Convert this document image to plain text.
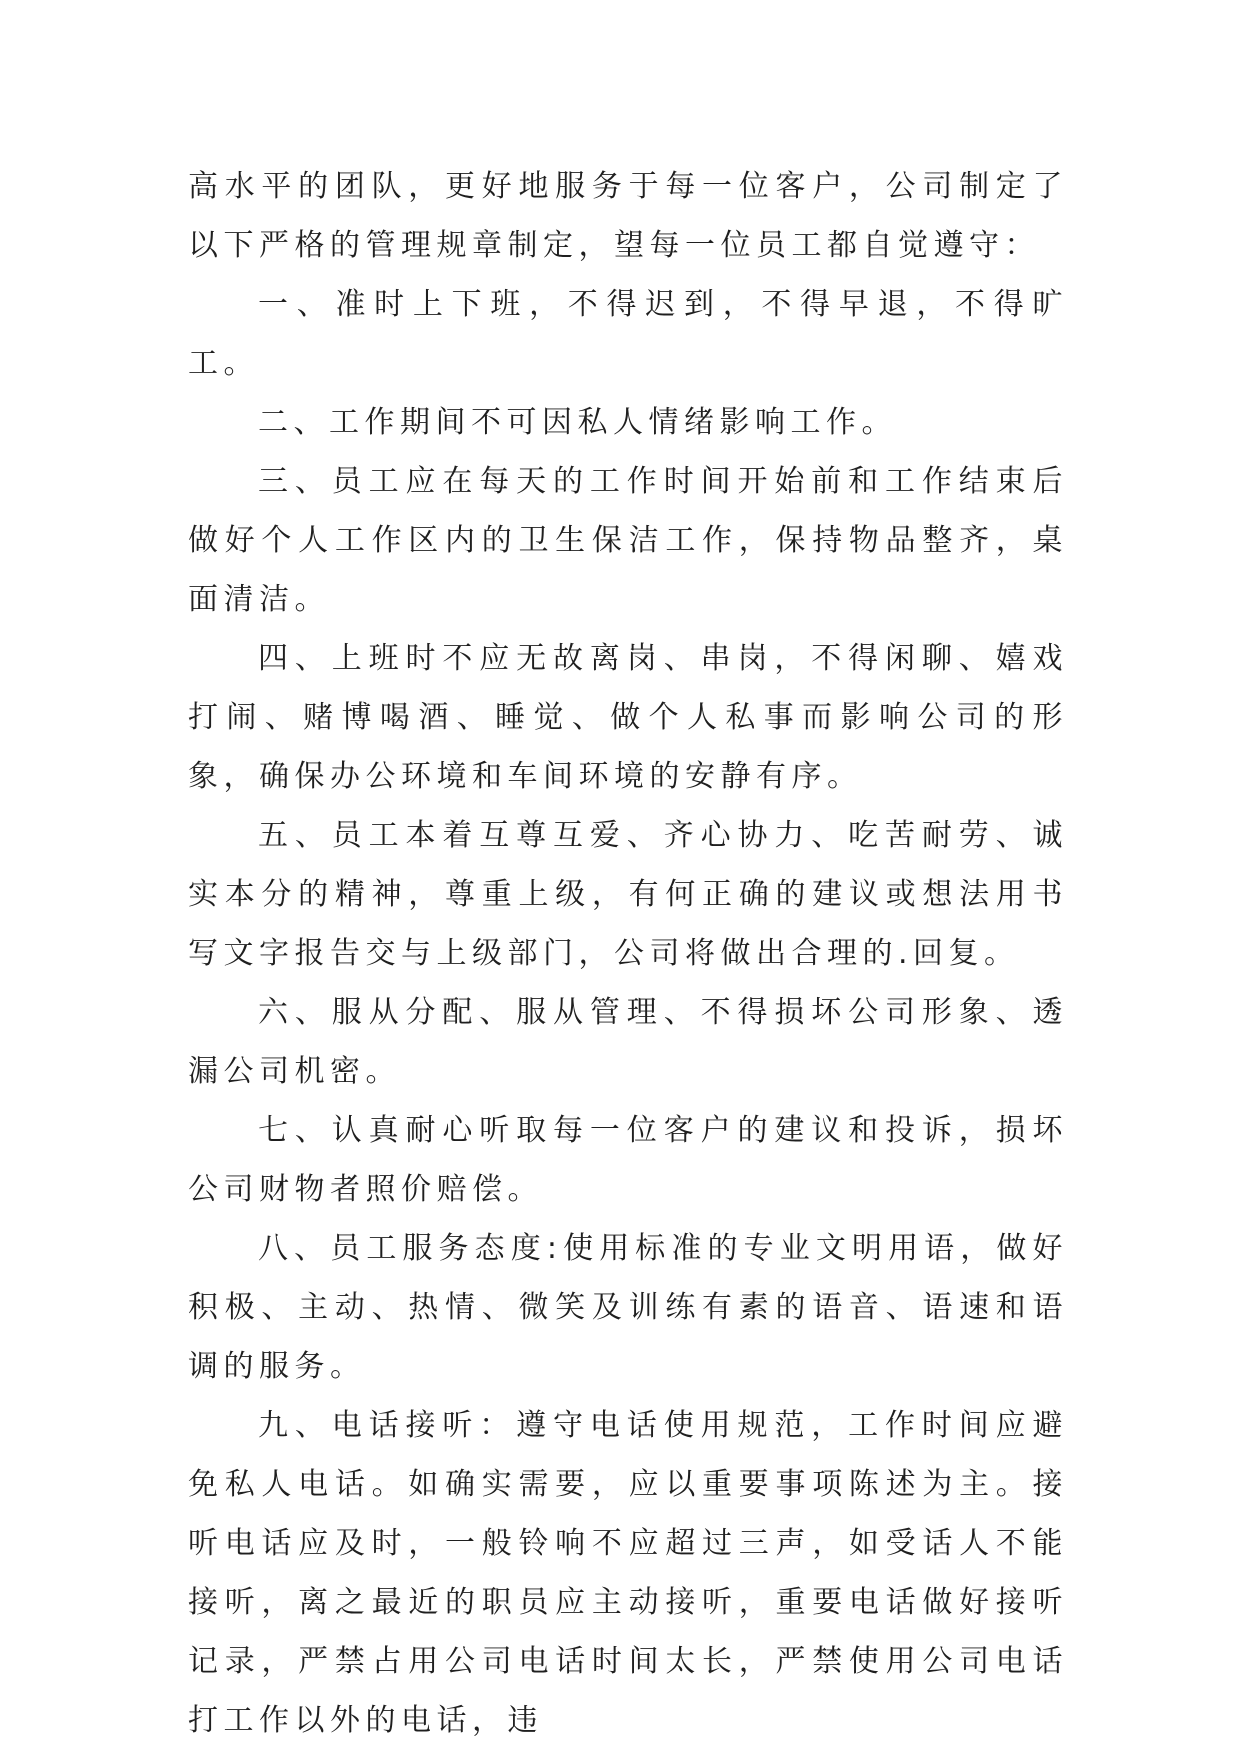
高水平的团队，更好地服务于每一位客户，公司制定了以下严格的管理规章制定，望每一位员工都自觉遵守：

一、准时上下班，不得迟到，不得早退，不得旷工。

二、工作期间不可因私人情绪影响工作。

三、员工应在每天的工作时间开始前和工作结束后做好个人工作区内的卫生保洁工作，保持物品整齐，桌面清洁。

四、上班时不应无故离岗、串岗，不得闲聊、嬉戏打闹、赌博喝酒、睡觉、做个人私事而影响公司的形象，确保办公环境和车间环境的安静有序。

五、员工本着互尊互爱、齐心协力、吃苦耐劳、诚实本分的精神，尊重上级，有何正确的建议或想法用书写文字报告交与上级部门，公司将做出合理的.回复。

六、服从分配、服从管理、不得损坏公司形象、透漏公司机密。

七、认真耐心听取每一位客户的建议和投诉，损坏公司财物者照价赔偿。

八、员工服务态度:使用标准的专业文明用语，做好积极、主动、热情、微笑及训练有素的语音、语速和语调的服务。

九、电话接听：遵守电话使用规范，工作时间应避免私人电话。如确实需要，应以重要事项陈述为主。接听电话应及时，一般铃响不应超过三声，如受话人不能接听，离之最近的职员应主动接听，重要电话做好接听记录，严禁占用公司电话时间太长，严禁使用公司电话打工作以外的电话，违
